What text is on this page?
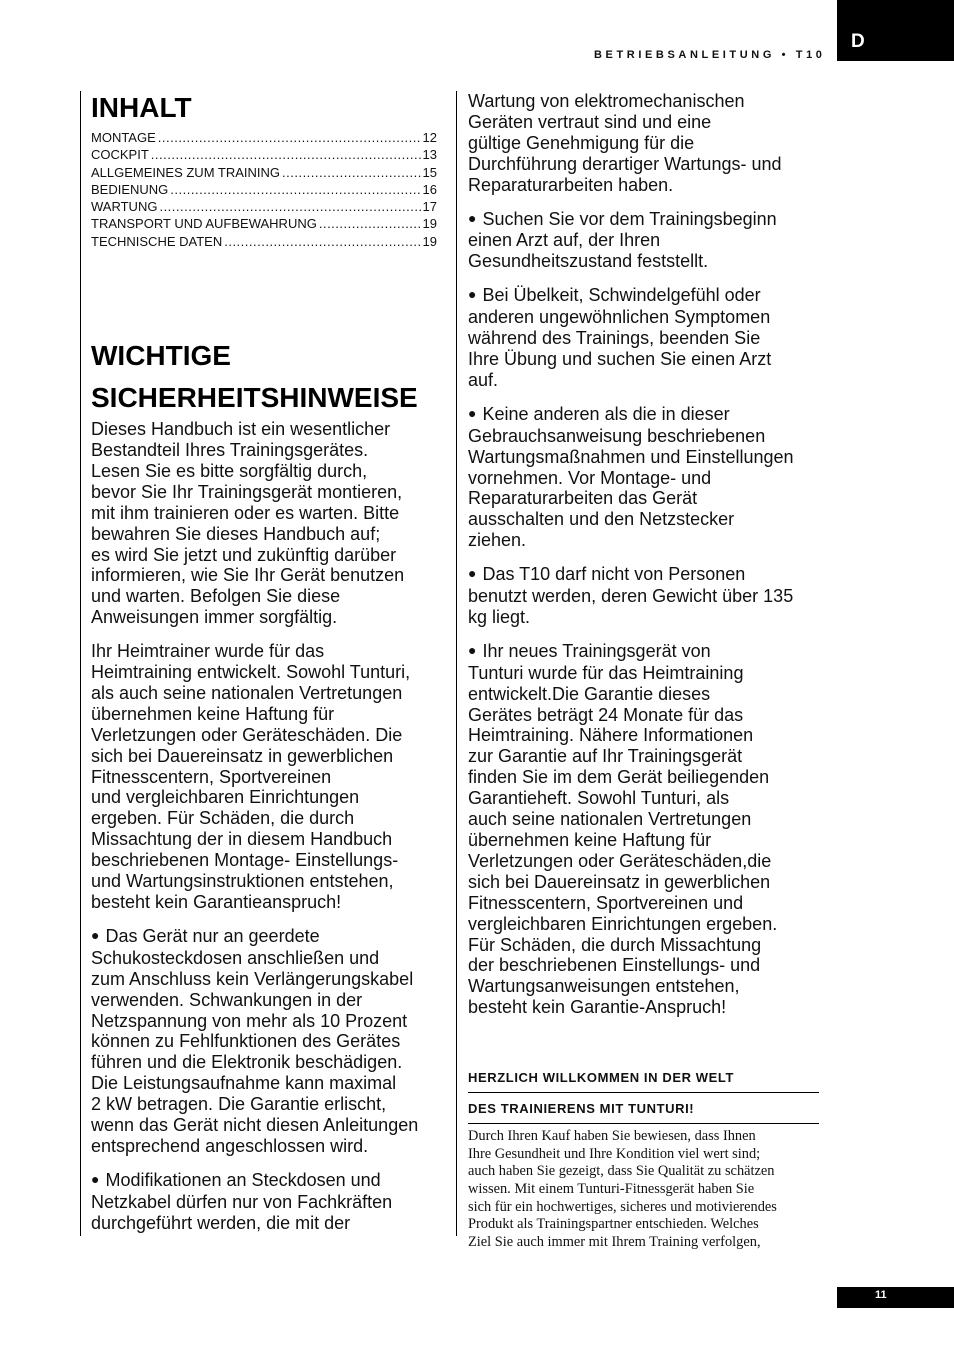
BETRIEBSANLEITUNG • T10
D
INHALT
MONTAGE .....	12
COCKPIT .....	13
ALLGEMEINES ZUM TRAINING .....	15
BEDIENUNG .....	16
WARTUNG .....	17
TRANSPORT UND AUFBEWAHRUNG .....	19
TECHNISCHE DATEN .....	19
WICHTIGE
SICHERHEITSHINWEISE

Dieses Handbuch ist ein wesentlicher
Bestandteil Ihres Trainingsgerätes.
Lesen Sie es bitte sorgfältig durch,
bevor Sie Ihr Trainingsgerät montieren,
mit ihm trainieren oder es warten. Bitte
bewahren Sie dieses Handbuch auf;
es wird Sie jetzt und zukünftig darüber
informieren, wie Sie Ihr Gerät benutzen
und warten. Befolgen Sie diese
Anweisungen immer sorgfältig.

Ihr Heimtrainer wurde für das
Heimtraining entwickelt. Sowohl Tunturi,
als auch seine nationalen Vertretungen
übernehmen keine Haftung für
Verletzungen oder Geräteschäden. Die
sich bei Dauereinsatz in gewerblichen
Fitnesscentern, Sportvereinen
und vergleichbaren Einrichtungen
ergeben. Für Schäden, die durch
Missachtung der in diesem Handbuch
beschriebenen Montage- Einstellungs-
und Wartungsinstruktionen entstehen,
besteht kein Garantieanspruch!

● Das Gerät nur an geerdete
Schukosteckdosen anschließen und
zum Anschluss kein Verlängerungskabel
verwenden. Schwankungen in der
Netzspannung von mehr als 10 Prozent
können zu Fehlfunktionen des Gerätes
führen und die Elektronik beschädigen.
Die Leistungsaufnahme kann maximal
2 kW betragen. Die Garantie erlischt,
wenn das Gerät nicht diesen Anleitungen
entsprechend angeschlossen wird.

● Modifikationen an Steckdosen und
Netzkabel dürfen nur von Fachkräften
durchgeführt werden, die mit der

Wartung von elektromechanischen
Geräten vertraut sind und eine
gültige Genehmigung für die
Durchführung derartiger Wartungs- und
Reparaturarbeiten haben.

● Suchen Sie vor dem Trainingsbeginn
einen Arzt auf, der Ihren
Gesundheitszustand feststellt.

● Bei Übelkeit, Schwindelgefühl oder
anderen ungewöhnlichen Symptomen
während des Trainings, beenden Sie
Ihre Übung und suchen Sie einen Arzt
auf.

● Keine anderen als die in dieser
Gebrauchsanweisung beschriebenen
Wartungsmaßnahmen und Einstellungen
vornehmen. Vor Montage- und
Reparaturarbeiten das Gerät
ausschalten und den Netzstecker
ziehen.

● Das T10 darf nicht von Personen
benutzt werden, deren Gewicht über 135
kg liegt.

● Ihr neues Trainingsgerät von
Tunturi wurde für das Heimtraining
entwickelt.Die Garantie dieses
Gerätes beträgt 24 Monate für das
Heimtraining. Nähere Informationen
zur Garantie auf Ihr Trainingsgerät
finden Sie im dem Gerät beiliegenden
Garantieheft. Sowohl Tunturi, als
auch seine nationalen Vertretungen
übernehmen keine Haftung für
Verletzungen oder Geräteschäden,die
sich bei Dauereinsatz in gewerblichen
Fitnesscentern, Sportvereinen und
vergleichbaren Einrichtungen ergeben.
Für Schäden, die durch Missachtung
der beschriebenen Einstellungs- und
Wartungsanweisungen entstehen,
besteht kein Garantie-Anspruch!

HERZLICH WILLKOMMEN IN DER WELT
DES TRAINIERENS MIT TUNTURI!

Durch Ihren Kauf haben Sie bewiesen, dass Ihnen
Ihre Gesundheit und Ihre Kondition viel wert sind;
auch haben Sie gezeigt, dass Sie Qualität zu schätzen
wissen. Mit einem Tunturi-Fitnessgerät haben Sie
sich für ein hochwertiges, sicheres und motivierendes
Produkt als Trainingspartner entschieden. Welches
Ziel Sie auch immer mit Ihrem Training verfolgen,

11
